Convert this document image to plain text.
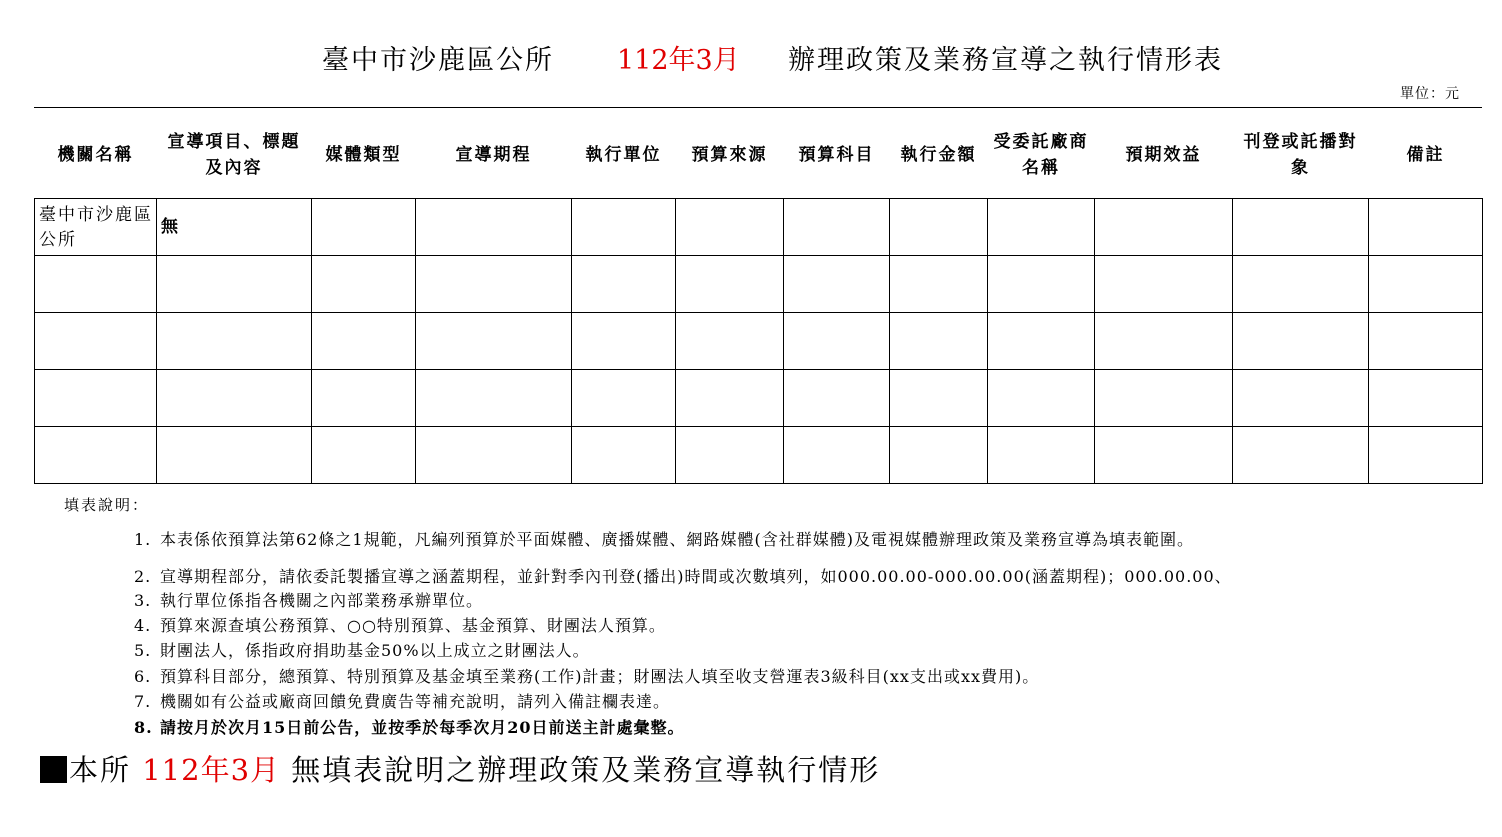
臺中市沙鹿區公所 112年3月 辦理政策及業務宣導之執行情形表
單位：元
機關名稱	宣導項目、標題及內容	媒體類型	宣導期程	執行單位	預算來源	預算科目	執行金額	受委託廠商名稱	預期效益	刊登或託播對象	備註
臺中市沙鹿區公所	無										

填表說明：
1. 本表係依預算法第62條之1規範，凡編列預算於平面媒體、廣播媒體、網路媒體(含社群媒體)及電視媒體辦理政策及業務宣導為填表範圍。
2. 宣導期程部分，請依委託製播宣導之涵蓋期程，並針對季內刊登(播出)時間或次數填列，如000.00.00-000.00.00(涵蓋期程)；000.00.00、
3. 執行單位係指各機關之內部業務承辦單位。
4. 預算來源查填公務預算、○○特別預算、基金預算、財團法人預算。
5. 財團法人，係指政府捐助基金50%以上成立之財團法人。
6. 預算科目部分，總預算、特別預算及基金填至業務(工作)計畫；財團法人填至收支營運表3級科目(xx支出或xx費用)。
7. 機關如有公益或廠商回饋免費廣告等補充說明，請列入備註欄表達。
8. 請按月於次月15日前公告，並按季於每季次月20日前送主計處彙整。
本所 112年3月 無填表說明之辦理政策及業務宣導執行情形
